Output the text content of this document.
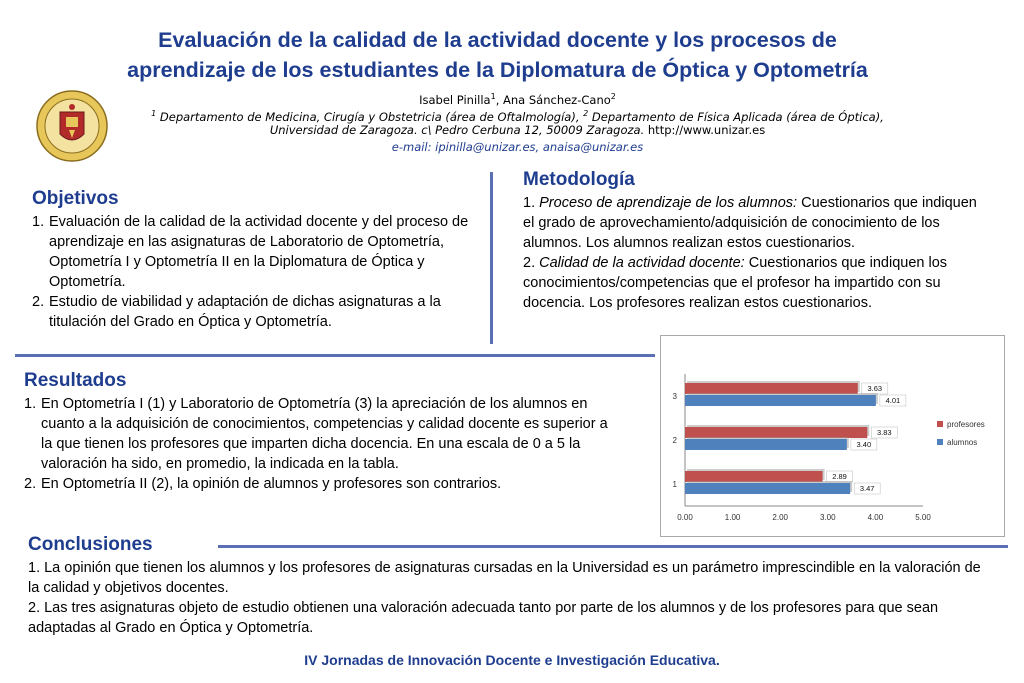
Evaluación de la calidad de la actividad docente y los procesos de
aprendizaje de los estudiantes de la Diplomatura de Óptica y Optometría
Isabel Pinilla$^1$, Ana Sánchez-Cano$^2$
$^1$ Departamento de Medicina, Cirugía y Obstetricia (área de Oftalmología), $^2$ Departamento de Física Aplicada (área de Óptica),
Universidad de Zaragoza. c\ Pedro Cerbuna 12, 50009 Zaragoza. http://www.unizar.es
e-mail: ipinilla@unizar.es, anaisa@unizar.es
Objetivos
1. Evaluación de la calidad de la actividad docente y del proceso de aprendizaje en las asignaturas de Laboratorio de Optometría, Optometría I y Optometría II en la Diplomatura de Óptica y Optometría.
2. Estudio de viabilidad y adaptación de dichas asignaturas a la titulación del Grado en Óptica y Optometría.
Metodología
1. Proceso de aprendizaje de los alumnos: Cuestionarios que indiquen el grado de aprovechamiento/adquisición de conocimiento de los alumnos. Los alumnos realizan estos cuestionarios.
2. Calidad de la actividad docente: Cuestionarios que indiquen los conocimientos/competencias que el profesor ha impartido con su docencia. Los profesores realizan estos cuestionarios.
Resultados
1. En Optometría I (1) y Laboratorio de Optometría (3) la apreciación de los alumnos en cuanto a la adquisición de conocimientos, competencias y calidad docente es superior a la que tienen los profesores que imparten dicha docencia. En una escala de 0 a 5 la valoración ha sido, en promedio, la indicada en la tabla.
2. En Optometría II (2), la opinión de alumnos y profesores son contrarios.
0.00	1.00	2.00	3.00	4.00	5.00
1
2.89
3.47
2
3.83
3.40
3
3.63
4.01
profesores
alumnos
Conclusiones
1. La opinión que tienen los alumnos y los profesores de asignaturas cursadas en la Universidad es un parámetro imprescindible en la valoración de la calidad y objetivos docentes.
2. Las tres asignaturas objeto de estudio obtienen una valoración adecuada tanto por parte de los alumnos y de los profesores para que sean adaptadas al Grado en Óptica y Optometría.
IV Jornadas de Innovación Docente e Investigación Educativa.
